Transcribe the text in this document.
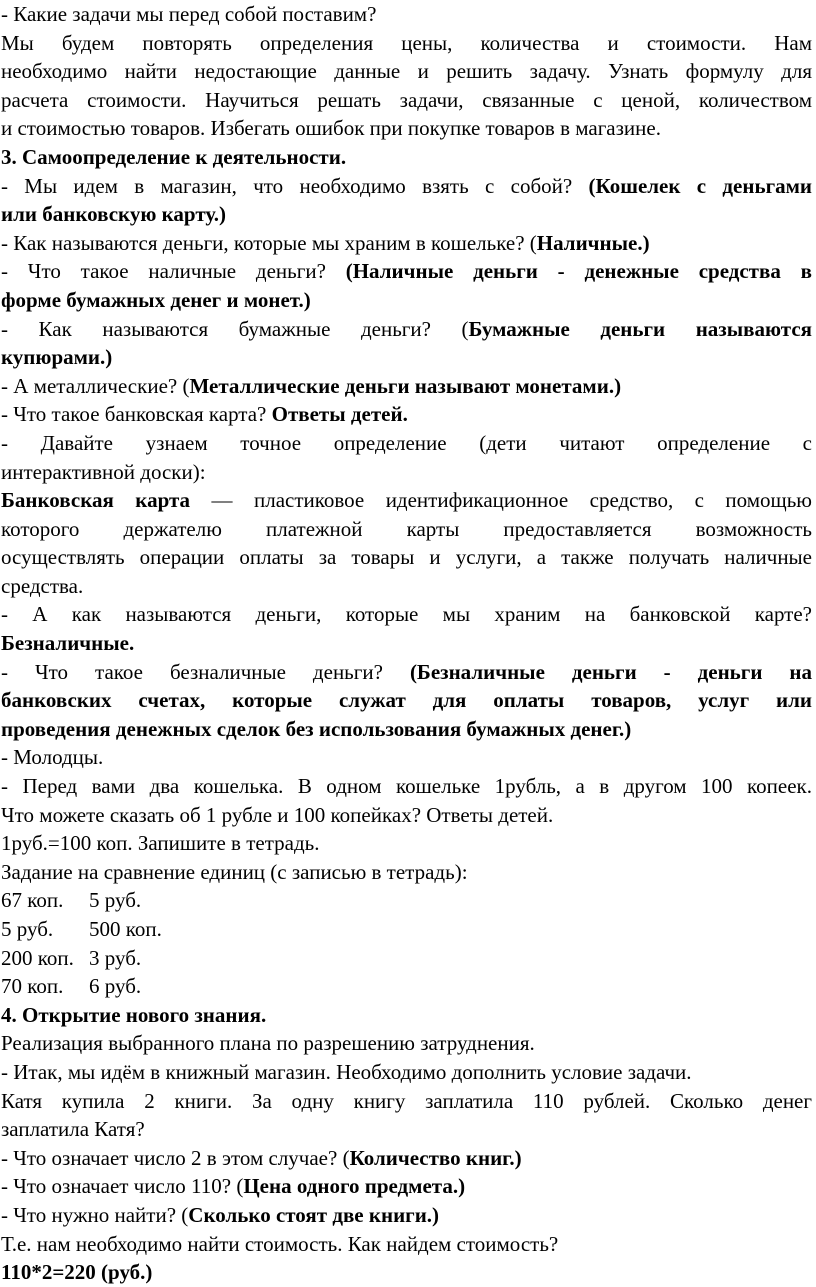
- Какие задачи мы перед собой поставим?
Мы будем повторять определения цены, количества и стоимости. Нам
необходимо найти недостающие данные и решить задачу. Узнать формулу для
расчета стоимости. Научиться решать задачи, связанные с ценой, количеством
и стоимостью товаров. Избегать ошибок при покупке товаров в магазине.
3. Самоопределение к деятельности.
- Мы идем в магазин, что необходимо взять с собой? (Кошелек с деньгами
или банковскую карту.)
- Как называются деньги, которые мы храним в кошельке? (Наличные.)
- Что такое наличные деньги? (Наличные деньги - денежные средства в
форме бумажных денег и монет.)
- Как называются бумажные деньги? (Бумажные деньги называются
купюрами.)
- А металлические? (Металлические деньги называют монетами.)
- Что такое банковская карта? Ответы детей.
- Давайте узнаем точное определение (дети читают определение с
интерактивной доски):
Банковская карта — пластиковое идентификационное средство, с помощью
которого держателю платежной карты предоставляется возможность
осуществлять операции оплаты за товары и услуги, а также получать наличные
средства.
- А как называются деньги, которые мы храним на банковской карте?
Безналичные.
- Что такое безналичные деньги? (Безналичные деньги - деньги на
банковских счетах, которые служат для оплаты товаров, услуг или
проведения денежных сделок без использования бумажных денег.)
- Молодцы.
- Перед вами два кошелька. В одном кошельке 1рубль, а в другом 100 копеек.
Что можете сказать об 1 рубле и 100 копейках? Ответы детей.
1руб.=100 коп. Запишите в тетрадь.
Задание на сравнение единиц (с записью в тетрадь):
67 коп. 5 руб.
5 руб. 500 коп.
200 коп. 3 руб.
70 коп. 6 руб.
4. Открытие нового знания.
Реализация выбранного плана по разрешению затруднения.
- Итак, мы идём в книжный магазин. Необходимо дополнить условие задачи.
Катя купила 2 книги. За одну книгу заплатила 110 рублей. Сколько денег
заплатила Катя?
- Что означает число 2 в этом случае? (Количество книг.)
- Что означает число 110? (Цена одного предмета.)
- Что нужно найти? (Сколько стоят две книги.)
Т.е. нам необходимо найти стоимость. Как найдем стоимость?
110*2=220 (руб.)
